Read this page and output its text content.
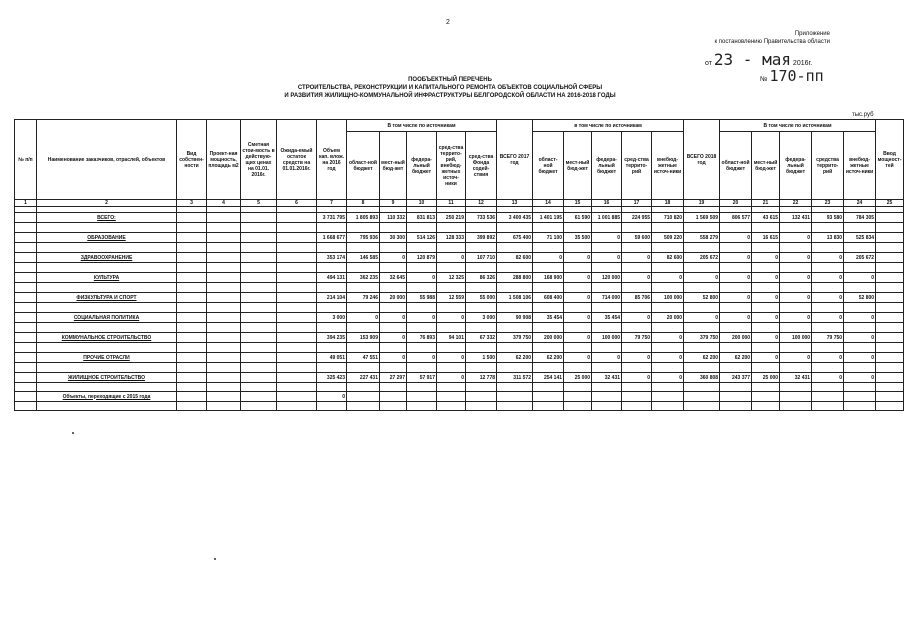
2
Приложение
к постановлению Правительства области
от 23 - мая 2016г.
№ 170-пп
ПООБЪЕКТНЫЙ ПЕРЕЧЕНЬ
СТРОИТЕЛЬСТВА, РЕКОНСТРУКЦИИ И КАПИТАЛЬНОГО РЕМОНТА ОБЪЕКТОВ СОЦИАЛЬНОЙ СФЕРЫ
И РАЗВИТИЯ ЖИЛИЩНО-КОММУНАЛЬНОЙ ИНФРАСТРУКТУРЫ БЕЛГОРОДСКОЙ ОБЛАСТИ НА 2016-2018 ГОДЫ
тыс.руб
№ п/п	Наименование заказчиков, отраслей, объектов	Вид собствен-ности	Проект-ная мощность, площадь м2	Сметная стои-мость в действую-щих ценах на 01.01. 2016г.	Ожида-емый остаток средств на 01.01.2016г.	Объем кап. влож. на 2016 год	В том числе по источникам					ВСЕГО 2017 год	в том числе по источникам					ВСЕГО 2018 год	В том числе по источникам					Ввод мощност-тей
							област-ной бюджет	мест-ный бюд-жет	федера-льный бюджет	сред-ства террито-рий, внебюд-жетных источ-ники	сред-ства Фонда содей-ствия		област-ной бюджет	мест-ный бюд-жет	федера-льный бюджет	сред-ства террито-рий	внебюд-жетные источ-ники		област-ной бюджет	мест-ный бюд-жет	федера-льный бюджет	средства террито-рий	внебюд-жетные источ-ники	
1	2	3	4	5	6	7	8	9	10	11	12	13	14	15	16	17	18	19	20	21	22	23	24	25

	ВСЕГО:					3 731 795	1 805 893	110 332	831 813	250 219	733 536	3 400 435	1 401 195	61 590	1 001 885	224 955	710 820	1 569 509	806 577	43 615	132 431	93 580	784 305	

	ОБРАЗОВАНИЕ					1 668 677	795 936	30 300	514 126	128 333	399 892	675 400	71 100	35 500	0	59 600	509 220	558 279	0	16 615	0	13 830	525 834	

	ЗДРАВООХРАНЕНИЕ					353 174	146 585	0	120 879	0	107 710	82 600	0	0	0	0	82 600	205 672	0	0	0	0	205 672	

	КУЛЬТУРА					494 131	362 235	32 645	0	12 325	86 326	288 800	168 900	0	120 000	0	0	0	0	0	0	0	0	

	ФИЗКУЛЬТУРА И СПОРТ					214 104	79 246	20 000	55 988	12 559	55 000	1 508 106	608 400	0	714 000	85 706	100 000	52 800	0	0	0	0	52 800	

	СОЦИАЛЬНАЯ ПОЛИТИКА					3 000	0	0	0	0	3 000	90 908	35 454	0	35 454	0	20 000	0	0	0	0	0	0	

	КОММУНАЛЬНОЕ СТРОИТЕЛЬСТВО					394 235	153 909	0	76 893	94 101	67 332	379 750	200 000	0	100 000	79 750	0	379 750	200 000	0	100 000	79 750	0	

	ПРОЧИЕ ОТРАСЛИ					49 051	47 551	0	0	0	1 500	62 200	62 200	0	0	0	0	62 200	62 200	0	0	0	0	

	ЖИЛИЩНОЕ СТРОИТЕЛЬСТВО					325 423	227 431	27 297	57 917	0	12 778	311 572	254 141	25 000	32 431	0	0	360 808	243 377	25 000	32 431	0	0	

	Объекты, переходящие с 2015 года					0																		
